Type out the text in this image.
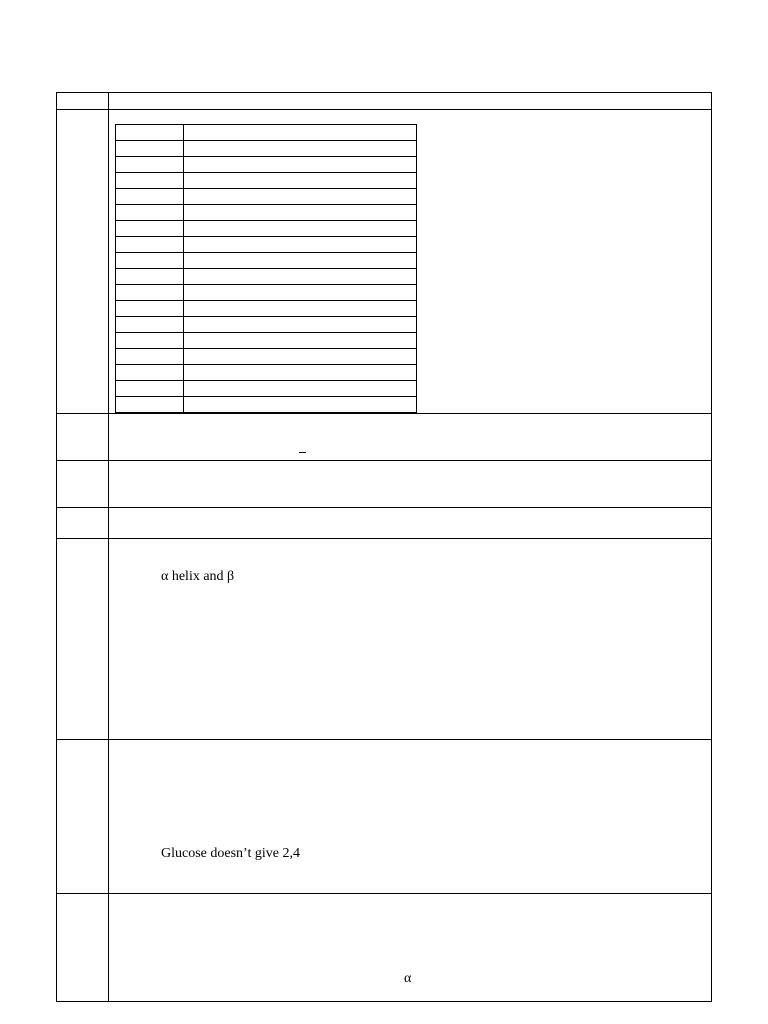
α helix and β
Glucose doesn’t give 2,4
α
